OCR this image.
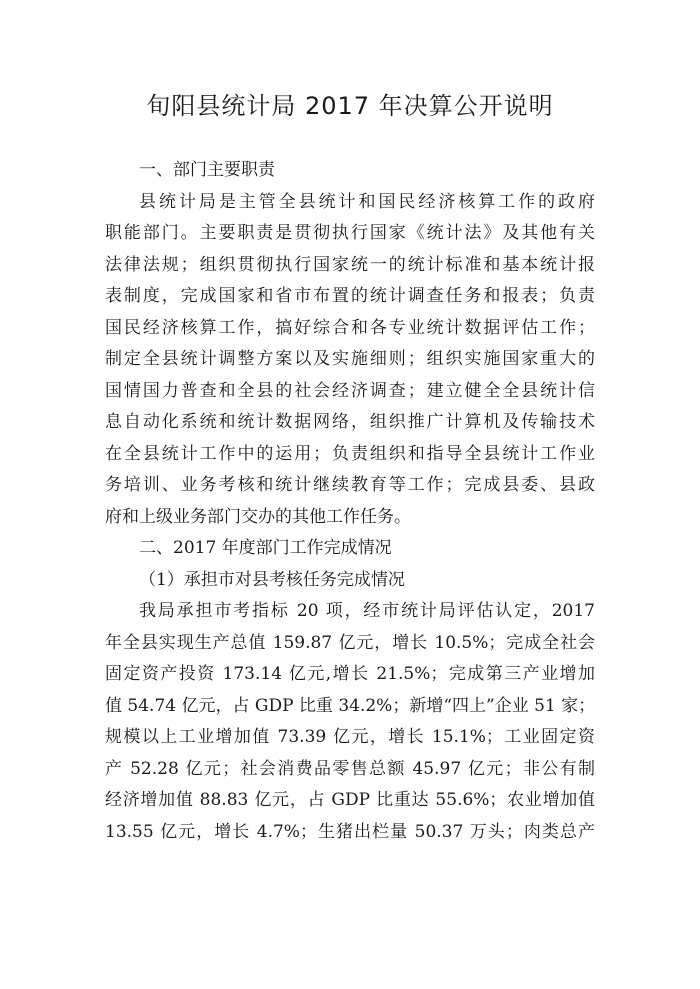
旬阳县统计局 2017 年决算公开说明
一、部门主要职责
县统计局是主管全县统计和国民经济核算工作的政府
职能部门。主要职责是贯彻执行国家《统计法》及其他有关
法律法规；组织贯彻执行国家统一的统计标准和基本统计报
表制度，完成国家和省市布置的统计调查任务和报表；负责
国民经济核算工作，搞好综合和各专业统计数据评估工作；
制定全县统计调整方案以及实施细则；组织实施国家重大的
国情国力普查和全县的社会经济调查；建立健全全县统计信
息自动化系统和统计数据网络，组织推广计算机及传输技术
在全县统计工作中的运用；负责组织和指导全县统计工作业
务培训、业务考核和统计继续教育等工作；完成县委、县政
府和上级业务部门交办的其他工作任务。
二、2017 年度部门工作完成情况
（1）承担市对县考核任务完成情况
我局承担市考指标 20 项，经市统计局评估认定，2017
年全县实现生产总值 159.87 亿元，增长 10.5%；完成全社会
固定资产投资 173.14 亿元,增长 21.5%；完成第三产业增加
值 54.74 亿元，占 GDP 比重 34.2%；新增“四上”企业 51 家；
规模以上工业增加值 73.39 亿元，增长 15.1%；工业固定资
产 52.28 亿元；社会消费品零售总额 45.97 亿元；非公有制
经济增加值 88.83 亿元，占 GDP 比重达 55.6%；农业增加值
13.55 亿元，增长 4.7%；生猪出栏量 50.37 万头；肉类总产
